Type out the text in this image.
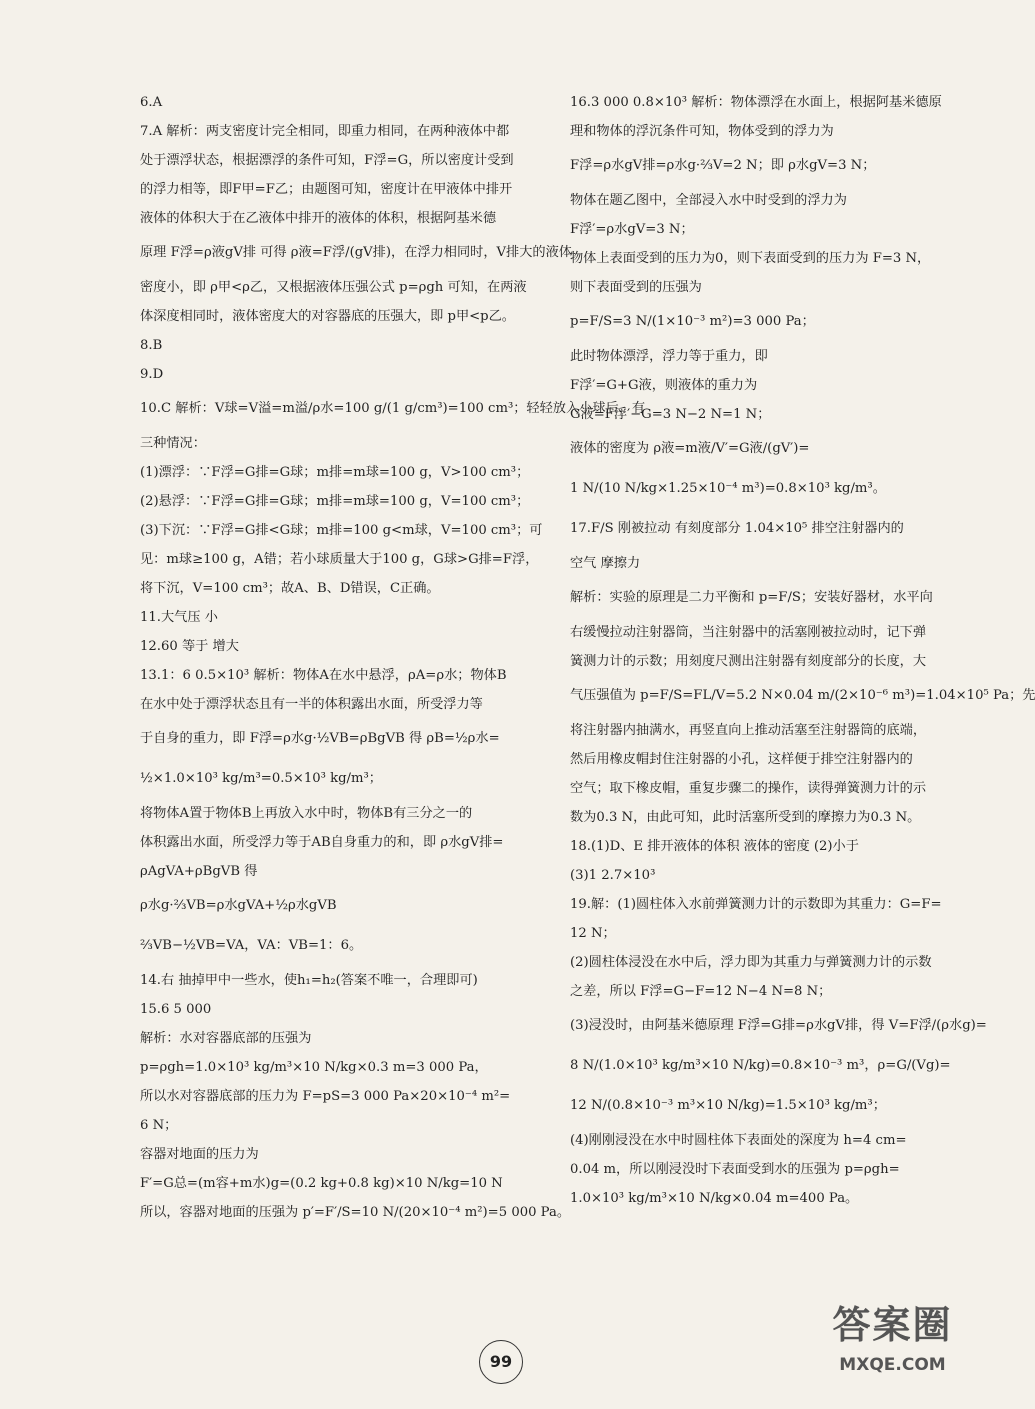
6.A
7.A 解析：两支密度计完全相同，即重力相同，在两种液体中都
处于漂浮状态，根据漂浮的条件可知，F浮=G，所以密度计受到
的浮力相等，即F甲=F乙；由题图可知，密度计在甲液体中排开
液体的体积大于在乙液体中排开的液体的体积，根据阿基米德
原理 F浮=ρ液gV排 可得 ρ液=F浮/(gV排)，在浮力相同时，V排大的液体
密度小，即 ρ甲<ρ乙，又根据液体压强公式 p=ρgh 可知，在两液
体深度相同时，液体密度大的对容器底的压强大，即 p甲<p乙。
8.B
9.D
10.C 解析：V球=V溢=m溢/ρ水=100 g/(1 g/cm³)=100 cm³；轻轻放入小球后，有
三种情况：
(1)漂浮：∵F浮=G排=G球；m排=m球=100 g，V>100 cm³；
(2)悬浮：∵F浮=G排=G球；m排=m球=100 g，V=100 cm³；
(3)下沉：∵F浮=G排<G球；m排=100 g<m球，V=100 cm³；可
见：m球≥100 g，A错；若小球质量大于100 g，G球>G排=F浮，
将下沉，V=100 cm³；故A、B、D错误，C正确。
11.大气压 小
12.60 等于 增大
13.1：6 0.5×10³ 解析：物体A在水中悬浮，ρA=ρ水；物体B
在水中处于漂浮状态且有一半的体积露出水面，所受浮力等
于自身的重力，即 F浮=ρ水g·½VB=ρBgVB 得 ρB=½ρ水=
½×1.0×10³ kg/m³=0.5×10³ kg/m³；
将物体A置于物体B上再放入水中时，物体B有三分之一的
体积露出水面，所受浮力等于AB自身重力的和，即 ρ水gV排=
ρAgVA+ρBgVB 得
ρ水g·⅔VB=ρ水gVA+½ρ水gVB
⅔VB−½VB=VA，VA：VB=1：6。
14.右 抽掉甲中一些水，使h₁=h₂(答案不唯一，合理即可)
15.6 5 000
解析：水对容器底部的压强为
p=ρgh=1.0×10³ kg/m³×10 N/kg×0.3 m=3 000 Pa，
所以水对容器底部的压力为 F=pS=3 000 Pa×20×10⁻⁴ m²=
6 N；
容器对地面的压力为
F′=G总=(m容+m水)g=(0.2 kg+0.8 kg)×10 N/kg=10 N
所以，容器对地面的压强为 p′=F′/S=10 N/(20×10⁻⁴ m²)=5 000 Pa。
16.3 000 0.8×10³ 解析：物体漂浮在水面上，根据阿基米德原
理和物体的浮沉条件可知，物体受到的浮力为
F浮=ρ水gV排=ρ水g·⅔V=2 N；即 ρ水gV=3 N；
物体在题乙图中，全部浸入水中时受到的浮力为
F浮′=ρ水gV=3 N；
物体上表面受到的压力为0，则下表面受到的压力为 F=3 N，
则下表面受到的压强为
p=F/S=3 N/(1×10⁻³ m²)=3 000 Pa；
此时物体漂浮，浮力等于重力，即
F浮′=G+G液，则液体的重力为
G液=F浮′−G=3 N−2 N=1 N；
液体的密度为 ρ液=m液/V′=G液/(gV′)=
1 N/(10 N/kg×1.25×10⁻⁴ m³)=0.8×10³ kg/m³。
17.F/S 刚被拉动 有刻度部分 1.04×10⁵ 排空注射器内的
空气 摩擦力
解析：实验的原理是二力平衡和 p=F/S；安装好器材，水平向
右缓慢拉动注射器筒，当注射器中的活塞刚被拉动时，记下弹
簧测力计的示数；用刻度尺测出注射器有刻度部分的长度，大
气压强值为 p=F/S=FL/V=5.2 N×0.04 m/(2×10⁻⁶ m³)=1.04×10⁵ Pa；先
将注射器内抽满水，再竖直向上推动活塞至注射器筒的底端，
然后用橡皮帽封住注射器的小孔，这样便于排空注射器内的
空气；取下橡皮帽，重复步骤二的操作，读得弹簧测力计的示
数为0.3 N，由此可知，此时活塞所受到的摩擦力为0.3 N。
18.(1)D、E 排开液体的体积 液体的密度 (2)小于
(3)1 2.7×10³
19.解：(1)圆柱体入水前弹簧测力计的示数即为其重力：G=F=
12 N；
(2)圆柱体浸没在水中后，浮力即为其重力与弹簧测力计的示数
之差，所以 F浮=G−F=12 N−4 N=8 N；
(3)浸没时，由阿基米德原理 F浮=G排=ρ水gV排，得 V=F浮/(ρ水g)=
8 N/(1.0×10³ kg/m³×10 N/kg)=0.8×10⁻³ m³，ρ=G/(Vg)=
12 N/(0.8×10⁻³ m³×10 N/kg)=1.5×10³ kg/m³；
(4)刚刚浸没在水中时圆柱体下表面处的深度为 h=4 cm=
0.04 m，所以刚浸没时下表面受到水的压强为 p=ρgh=
1.0×10³ kg/m³×10 N/kg×0.04 m=400 Pa。
99
答案圈
MXQE.COM
